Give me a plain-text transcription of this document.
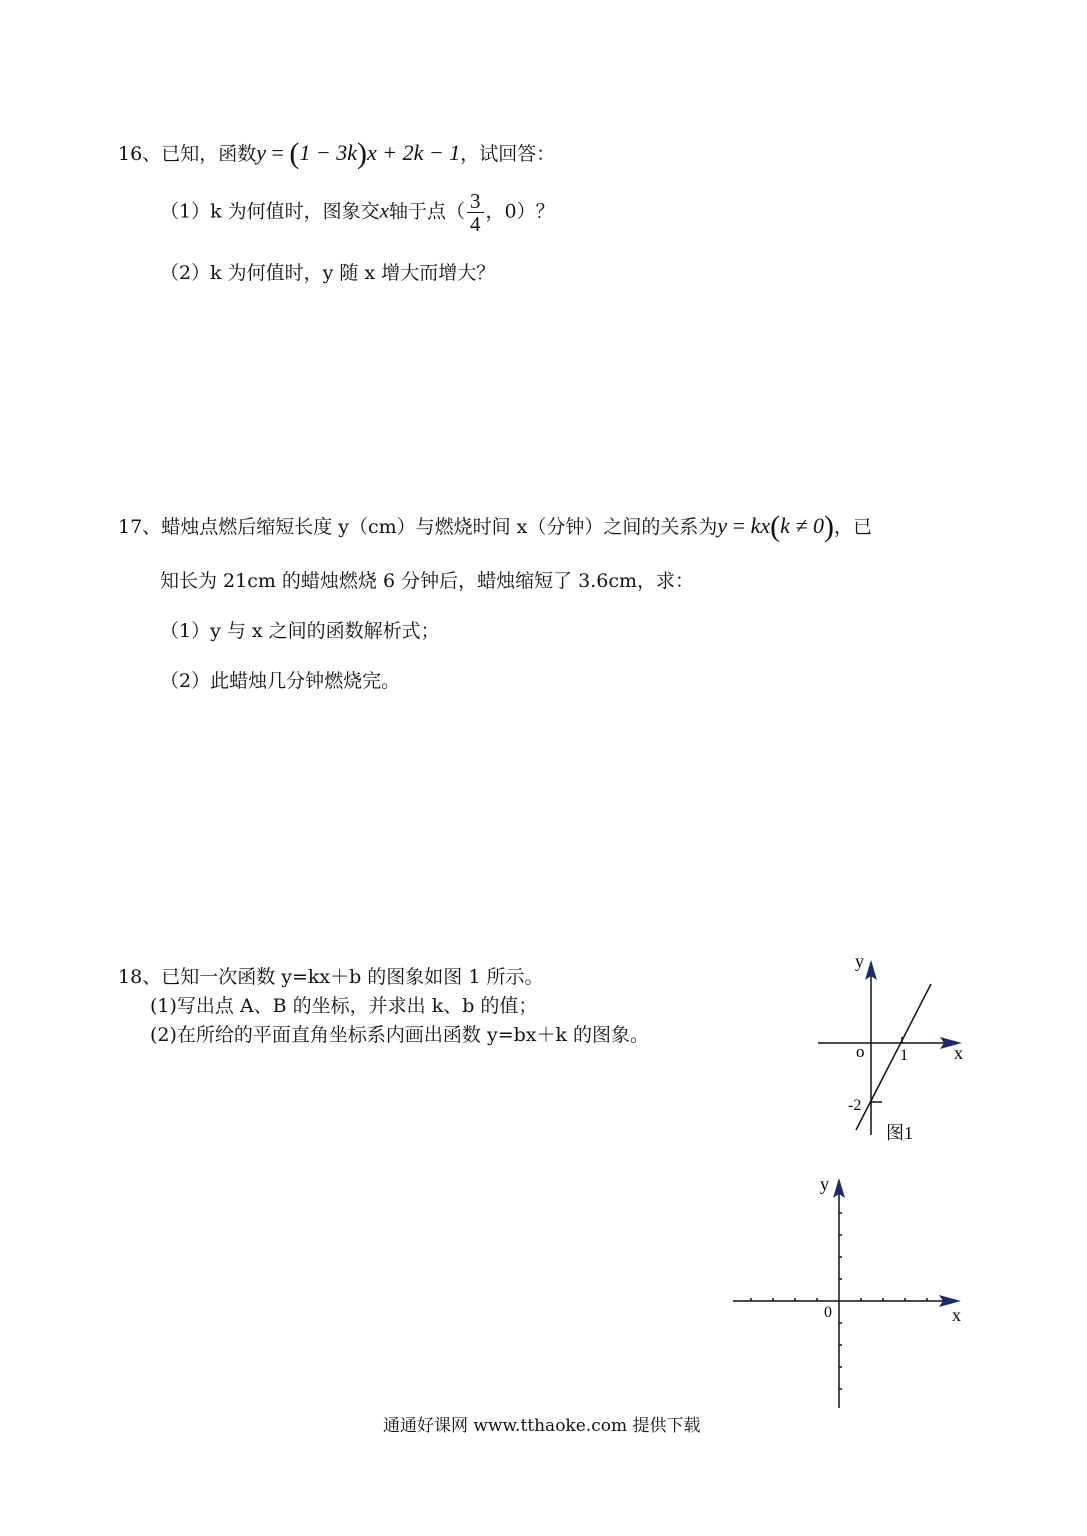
16、已知，函数y = (1 − 3k)x + 2k − 1，试回答：
（1）k 为何值时，图象交x轴于点（ $\frac{3}{4}$ ，0）？
（2）k 为何值时，y 随 x 增大而增大？
17、蜡烛点燃后缩短长度 y（cm）与燃烧时间 x（分钟）之间的关系为y = kx(k ≠ 0)，已
知长为 21cm 的蜡烛燃烧 6 分钟后，蜡烛缩短了 3.6cm，求：
（1）y 与 x 之间的函数解析式；
（2）此蜡烛几分钟燃烧完。
18、已知一次函数 y=kx＋b 的图象如图 1 所示。
(1)写出点 A、B 的坐标，并求出 k、b 的值；
(2)在所给的平面直角坐标系内画出函数 y=bx＋k 的图象。
y
x
o 1
-2
图1
y
x
0
通通好课网 www.tthaoke.com 提供下载
